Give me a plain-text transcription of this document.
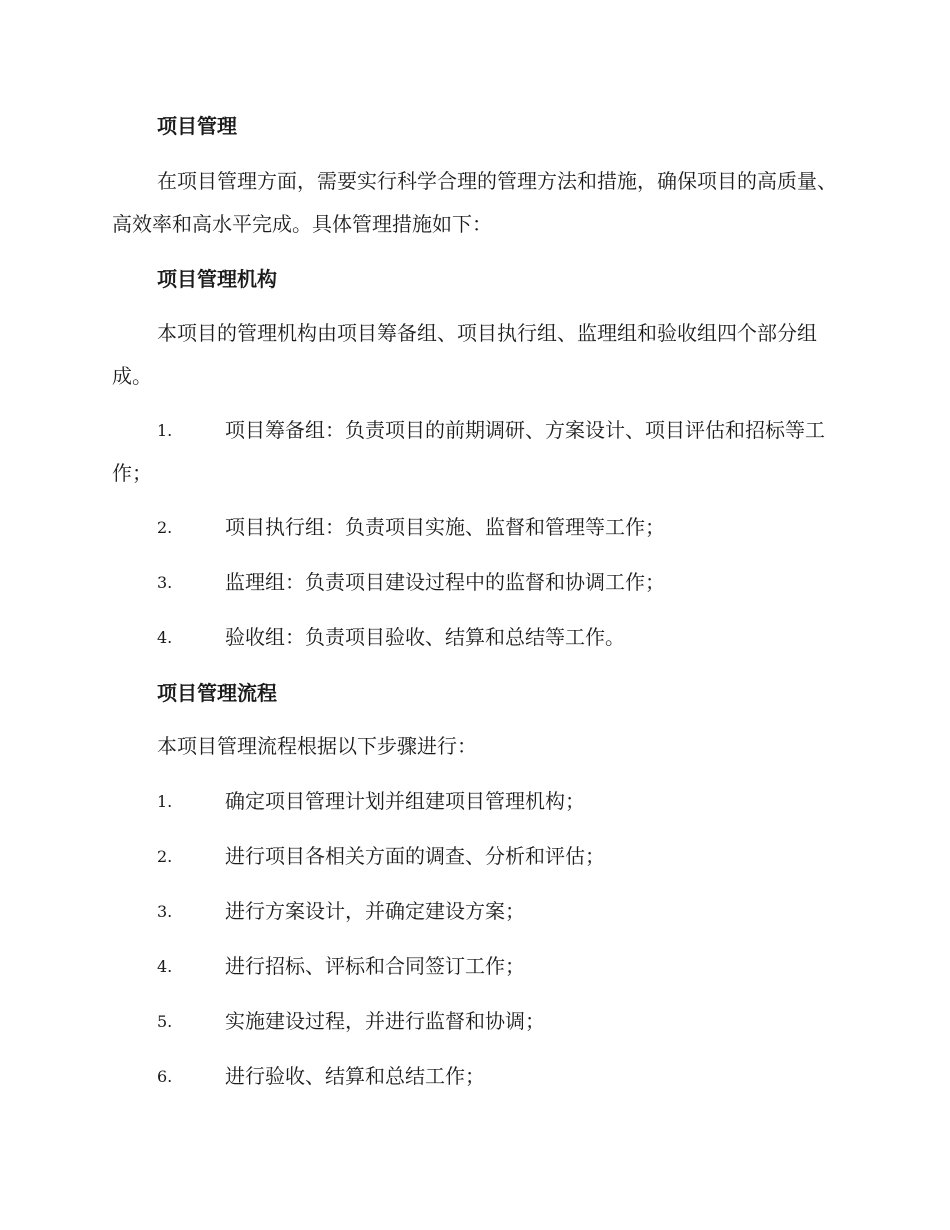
项目管理

在项目管理方面，需要实行科学合理的管理方法和措施，确保项目的高质量、高效率和高水平完成。具体管理措施如下：

项目管理机构

本项目的管理机构由项目筹备组、项目执行组、监理组和验收组四个部分组成。

1.	项目筹备组：负责项目的前期调研、方案设计、项目评估和招标等工作；
2.	项目执行组：负责项目实施、监督和管理等工作；
3.	监理组：负责项目建设过程中的监督和协调工作；
4.	验收组：负责项目验收、结算和总结等工作。
项目管理流程

本项目管理流程根据以下步骤进行：

1.	确定项目管理计划并组建项目管理机构；
2.	进行项目各相关方面的调查、分析和评估；
3.	进行方案设计，并确定建设方案；
4.	进行招标、评标和合同签订工作；
5.	实施建设过程，并进行监督和协调；
6.	进行验收、结算和总结工作；
